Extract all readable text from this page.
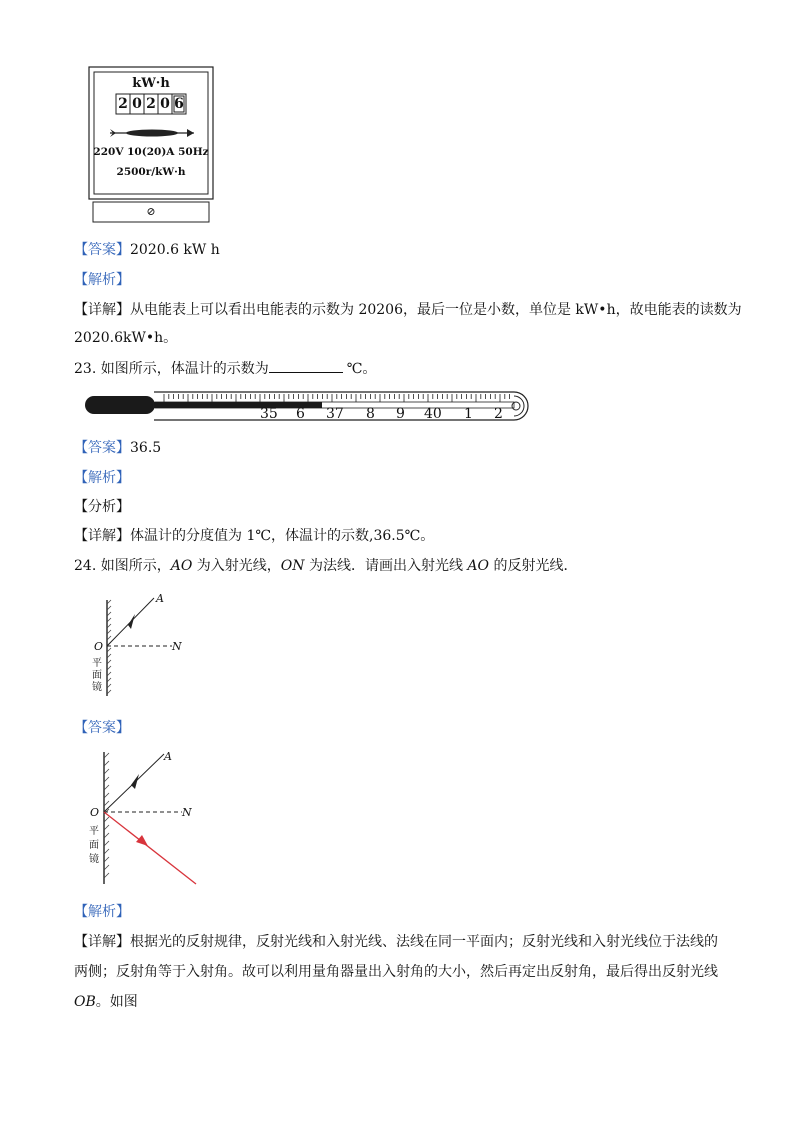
kW·h
2 0 2 0 6
220V 10(20)A 50Hz
2500r/kW·h
⊘
【答案】2020.6 kW h
【解析】
【详解】从电能表上可以看出电能表的示数为 20206，最后一位是小数，单位是 kW•h，故电能表的读数为
2020.6kW•h。
23. 如图所示，体温计的示数为	℃。
35 6 37 8 9 40 1 2
【答案】36.5
【解析】
【分析】
【详解】体温计的分度值为 1℃，体温计的示数,36.5℃。
24. 如图所示，AO 为入射光线，ON 为法线．请画出入射光线 AO 的反射光线．
A
O	N
平
面
镜
【答案】
A
O	N
平
面
镜
【解析】
【详解】根据光的反射规律，反射光线和入射光线、法线在同一平面内；反射光线和入射光线位于法线的
两侧；反射角等于入射角。故可以利用量角器量出入射角的大小，然后再定出反射角，最后得出反射光线
OB。如图
